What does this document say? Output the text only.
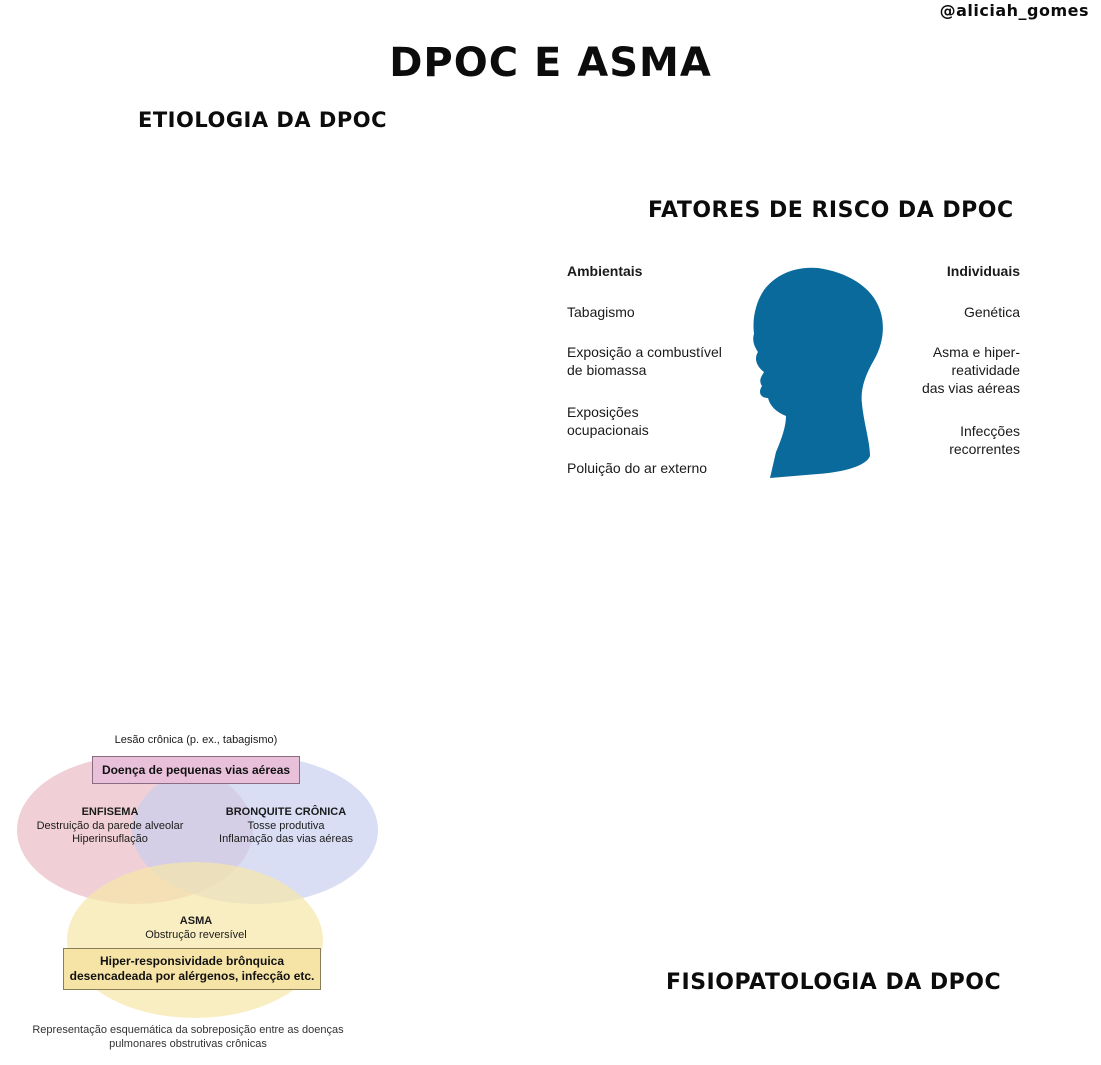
@aliciah_gomes
DPOC E ASMA
ETIOLOGIA DA DPOC
FATORES DE RISCO DA DPOC
FISIOPATOLOGIA DA DPOC
Ambientais
Tabagismo
Exposição a combustível
de biomassa
Exposições
ocupacionais
Poluição do ar externo
Individuais
Genética
Asma e hiper-
reatividade
das vias aéreas
Infecções
recorrentes
Lesão crônica (p. ex., tabagismo)
Doença de pequenas vias aéreas
ENFISEMA
Destruição da parede alveolar
Hiperinsuflação
BRONQUITE CRÔNICA
Tosse produtiva
Inflamação das vias aéreas
ASMA
Obstrução reversível
Hiper-responsividade brônquica
desencadeada por alérgenos, infecção etc.
Representação esquemática da sobreposição entre as doenças
pulmonares obstrutivas crônicas
